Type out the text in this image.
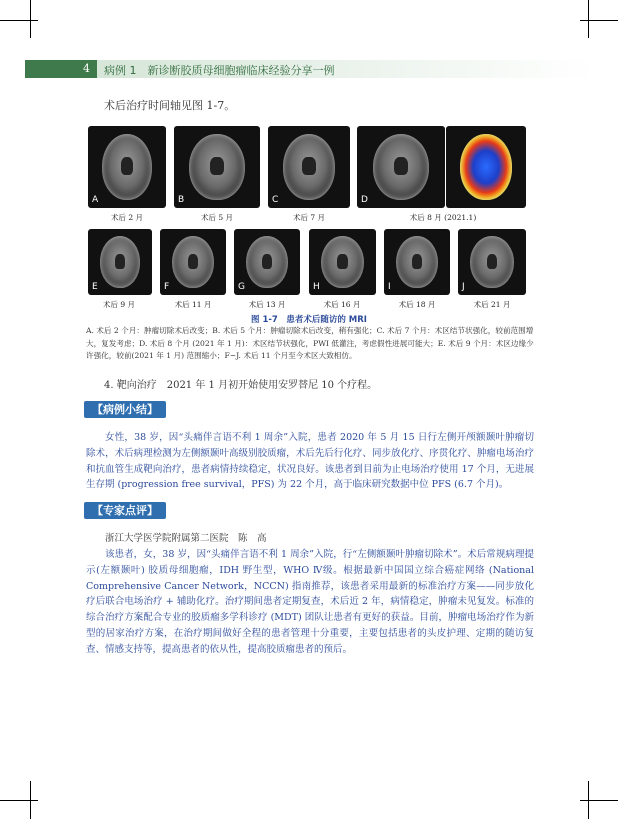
4 病例 1　新诊断胶质母细胞瘤临床经验分享一例
术后治疗时间轴见图 1-7。
A	B	C	D
术后 2 月	术后 5 月	术后 7 月	术后 8 月 (2021.1)
E	F	G	H	I	J
术后 9 月	术后 11 月	术后 13 月	术后 16 月	术后 18 月	术后 21 月
图 1-7　患者术后随访的 MRI
A. 术后 2 个月：肿瘤切除术后改变；B. 术后 5 个月：肿瘤切除术后改变，稍有强化；C. 术后 7 个月：术区结节状强化，较前范围增大，复发考虑；D. 术后 8 个月 (2021 年 1 月)：术区结节状强化，PWI 低灌注，考虑假性进展可能大；E. 术后 9 个月：术区边缘少许强化，较前(2021 年 1 月) 范围缩小；F~J. 术后 11 个月至今术区大致相仿。
4. 靶向治疗　2021 年 1 月初开始使用安罗替尼 10 个疗程。
【病例小结】
女性，38 岁，因“头痛伴言语不利 1 周余”入院，患者 2020 年 5 月 15 日行左侧开颅额颞叶肿瘤切除术，术后病理检测为左侧额颞叶高级别胶质瘤，术后先后行化疗、同步放化疗、序贯化疗、肿瘤电场治疗和抗血管生成靶向治疗，患者病情持续稳定，状况良好。该患者到目前为止电场治疗使用 17 个月，无进展生存期 (progression free survival，PFS) 为 22 个月，高于临床研究数据中位 PFS (6.7 个月)。
【专家点评】
浙江大学医学院附属第二医院　陈　高
该患者，女，38 岁，因“头痛伴言语不利 1 周余”入院，行“左侧额颞叶肿瘤切除术”。术后常规病理提示(左额颞叶) 胶质母细胞瘤，IDH 野生型，WHO Ⅳ级。根据最新中国国立综合癌症网络 (National Comprehensive Cancer Network，NCCN) 指南推荐，该患者采用最新的标准治疗方案——同步放化疗后联合电场治疗 + 辅助化疗。治疗期间患者定期复查，术后近 2 年，病情稳定，肿瘤未见复发。标准的综合治疗方案配合专业的胶质瘤多学科诊疗 (MDT) 团队让患者有更好的获益。目前，肿瘤电场治疗作为新型的居家治疗方案，在治疗期间做好全程的患者管理十分重要，主要包括患者的头皮护理、定期的随访复查、情感支持等，提高患者的依从性，提高胶质瘤患者的预后。
